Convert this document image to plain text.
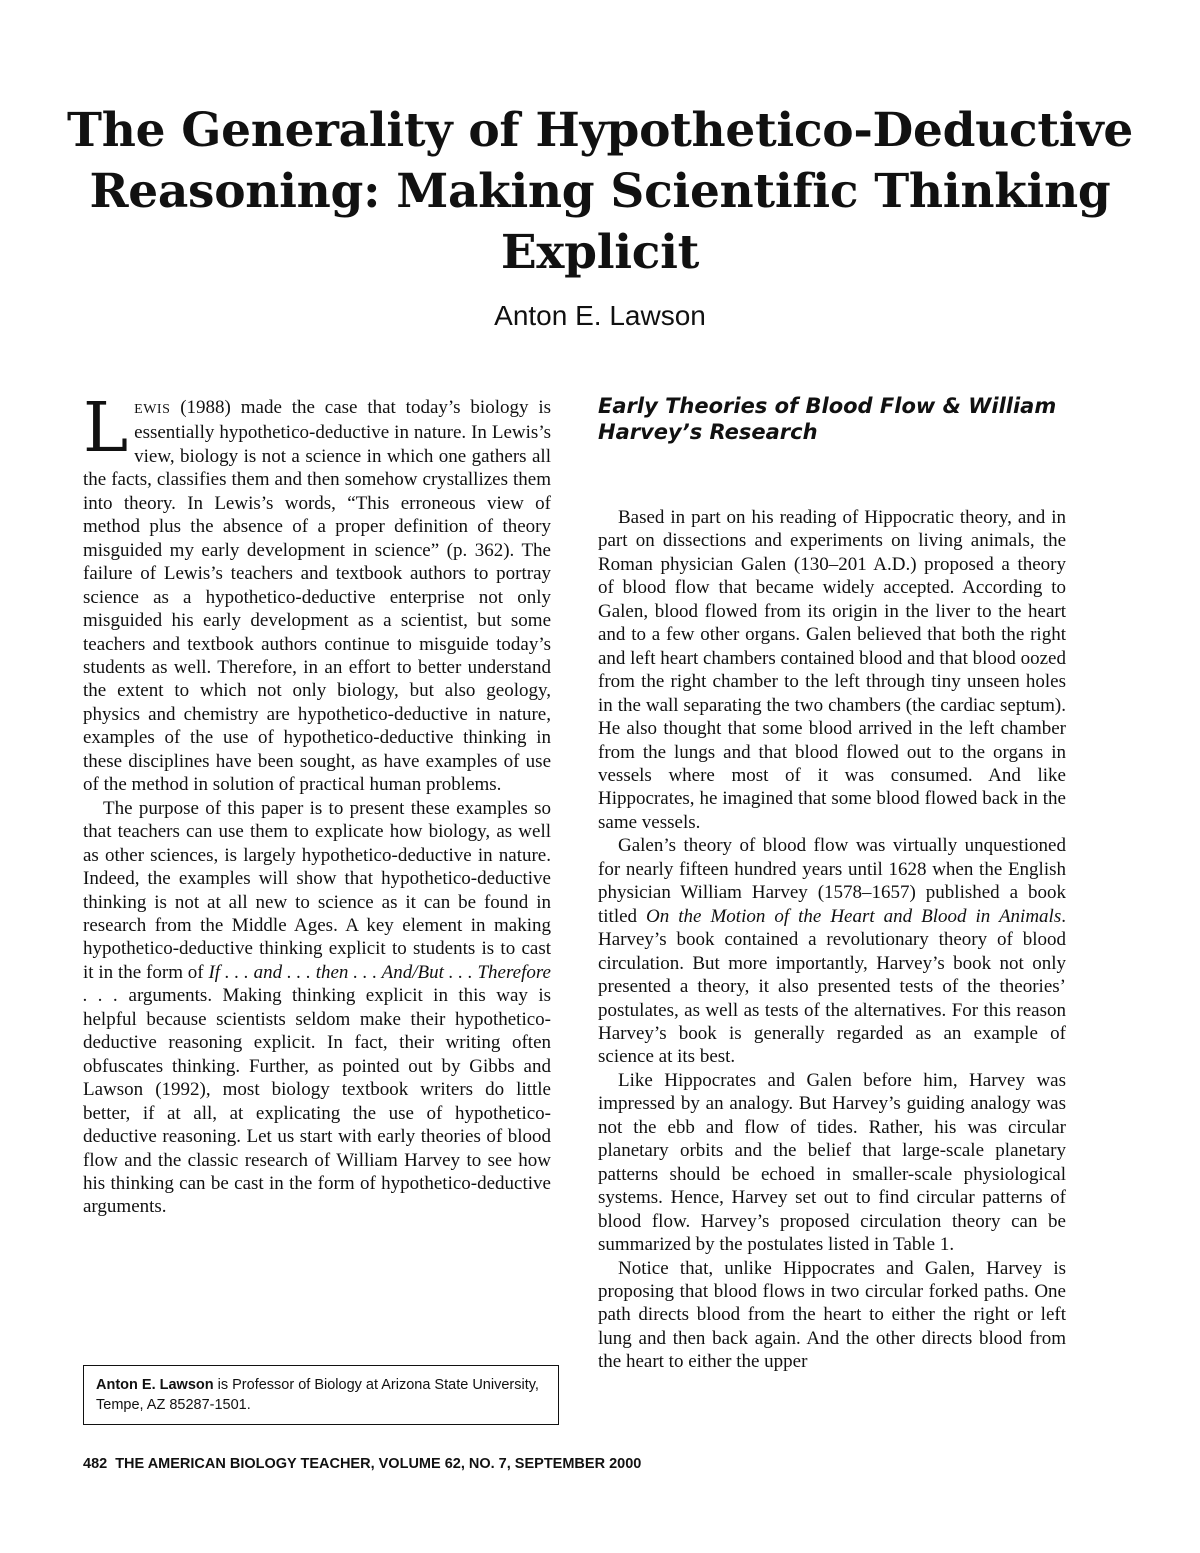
The Generality of Hypothetico-Deductive Reasoning: Making Scientific Thinking Explicit

Anton E. Lawson

LEWIS (1988) made the case that today’s biology is essentially hypothetico-deductive in nature. In Lewis’s view, biology is not a science in which one gathers all the facts, classifies them and then somehow crystallizes them into theory. In Lewis’s words, “This erroneous view of method plus the absence of a proper definition of theory misguided my early development in science” (p. 362). The failure of Lewis’s teachers and textbook authors to portray science as a hypothetico-deductive enterprise not only misguided his early development as a scientist, but some teachers and textbook authors continue to misguide today’s students as well. Therefore, in an effort to better understand the extent to which not only biology, but also geology, physics and chemistry are hypothetico-deductive in nature, examples of the use of hypothetico-deductive thinking in these disciplines have been sought, as have examples of use of the method in solution of practical human problems.

The purpose of this paper is to present these examples so that teachers can use them to explicate how biology, as well as other sciences, is largely hypothetico-deductive in nature. Indeed, the examples will show that hypothetico-deductive thinking is not at all new to science as it can be found in research from the Middle Ages. A key element in making hypothetico-deductive thinking explicit to students is to cast it in the form of If . . . and . . . then . . . And/But . . . Therefore . . . arguments. Making thinking explicit in this way is helpful because scientists seldom make their hypothetico-deductive reasoning explicit. In fact, their writing often obfuscates thinking. Further, as pointed out by Gibbs and Lawson (1992), most biology textbook writers do little better, if at all, at explicating the use of hypothetico-deductive reasoning. Let us start with early theories of blood flow and the classic research of William Harvey to see how his thinking can be cast in the form of hypothetico-deductive arguments.

Anton E. Lawson is Professor of Biology at Arizona State University, Tempe, AZ 85287-1501.
Early Theories of Blood Flow & William Harvey’s Research

Based in part on his reading of Hippocratic theory, and in part on dissections and experiments on living animals, the Roman physician Galen (130–201 A.D.) proposed a theory of blood flow that became widely accepted. According to Galen, blood flowed from its origin in the liver to the heart and to a few other organs. Galen believed that both the right and left heart chambers contained blood and that blood oozed from the right chamber to the left through tiny unseen holes in the wall separating the two chambers (the cardiac septum). He also thought that some blood arrived in the left chamber from the lungs and that blood flowed out to the organs in vessels where most of it was consumed. And like Hippocrates, he imagined that some blood flowed back in the same vessels.

Galen’s theory of blood flow was virtually unquestioned for nearly fifteen hundred years until 1628 when the English physician William Harvey (1578–1657) published a book titled On the Motion of the Heart and Blood in Animals. Harvey’s book contained a revolutionary theory of blood circulation. But more importantly, Harvey’s book not only presented a theory, it also presented tests of the theories’ postulates, as well as tests of the alternatives. For this reason Harvey’s book is generally regarded as an example of science at its best.

Like Hippocrates and Galen before him, Harvey was impressed by an analogy. But Harvey’s guiding analogy was not the ebb and flow of tides. Rather, his was circular planetary orbits and the belief that large-scale planetary patterns should be echoed in smaller-scale physiological systems. Hence, Harvey set out to find circular patterns of blood flow. Harvey’s proposed circulation theory can be summarized by the postulates listed in Table 1.

Notice that, unlike Hippocrates and Galen, Harvey is proposing that blood flows in two circular forked paths. One path directs blood from the heart to either the right or left lung and then back again. And the other directs blood from the heart to either the upper

482 THE AMERICAN BIOLOGY TEACHER, VOLUME 62, NO. 7, SEPTEMBER 2000
